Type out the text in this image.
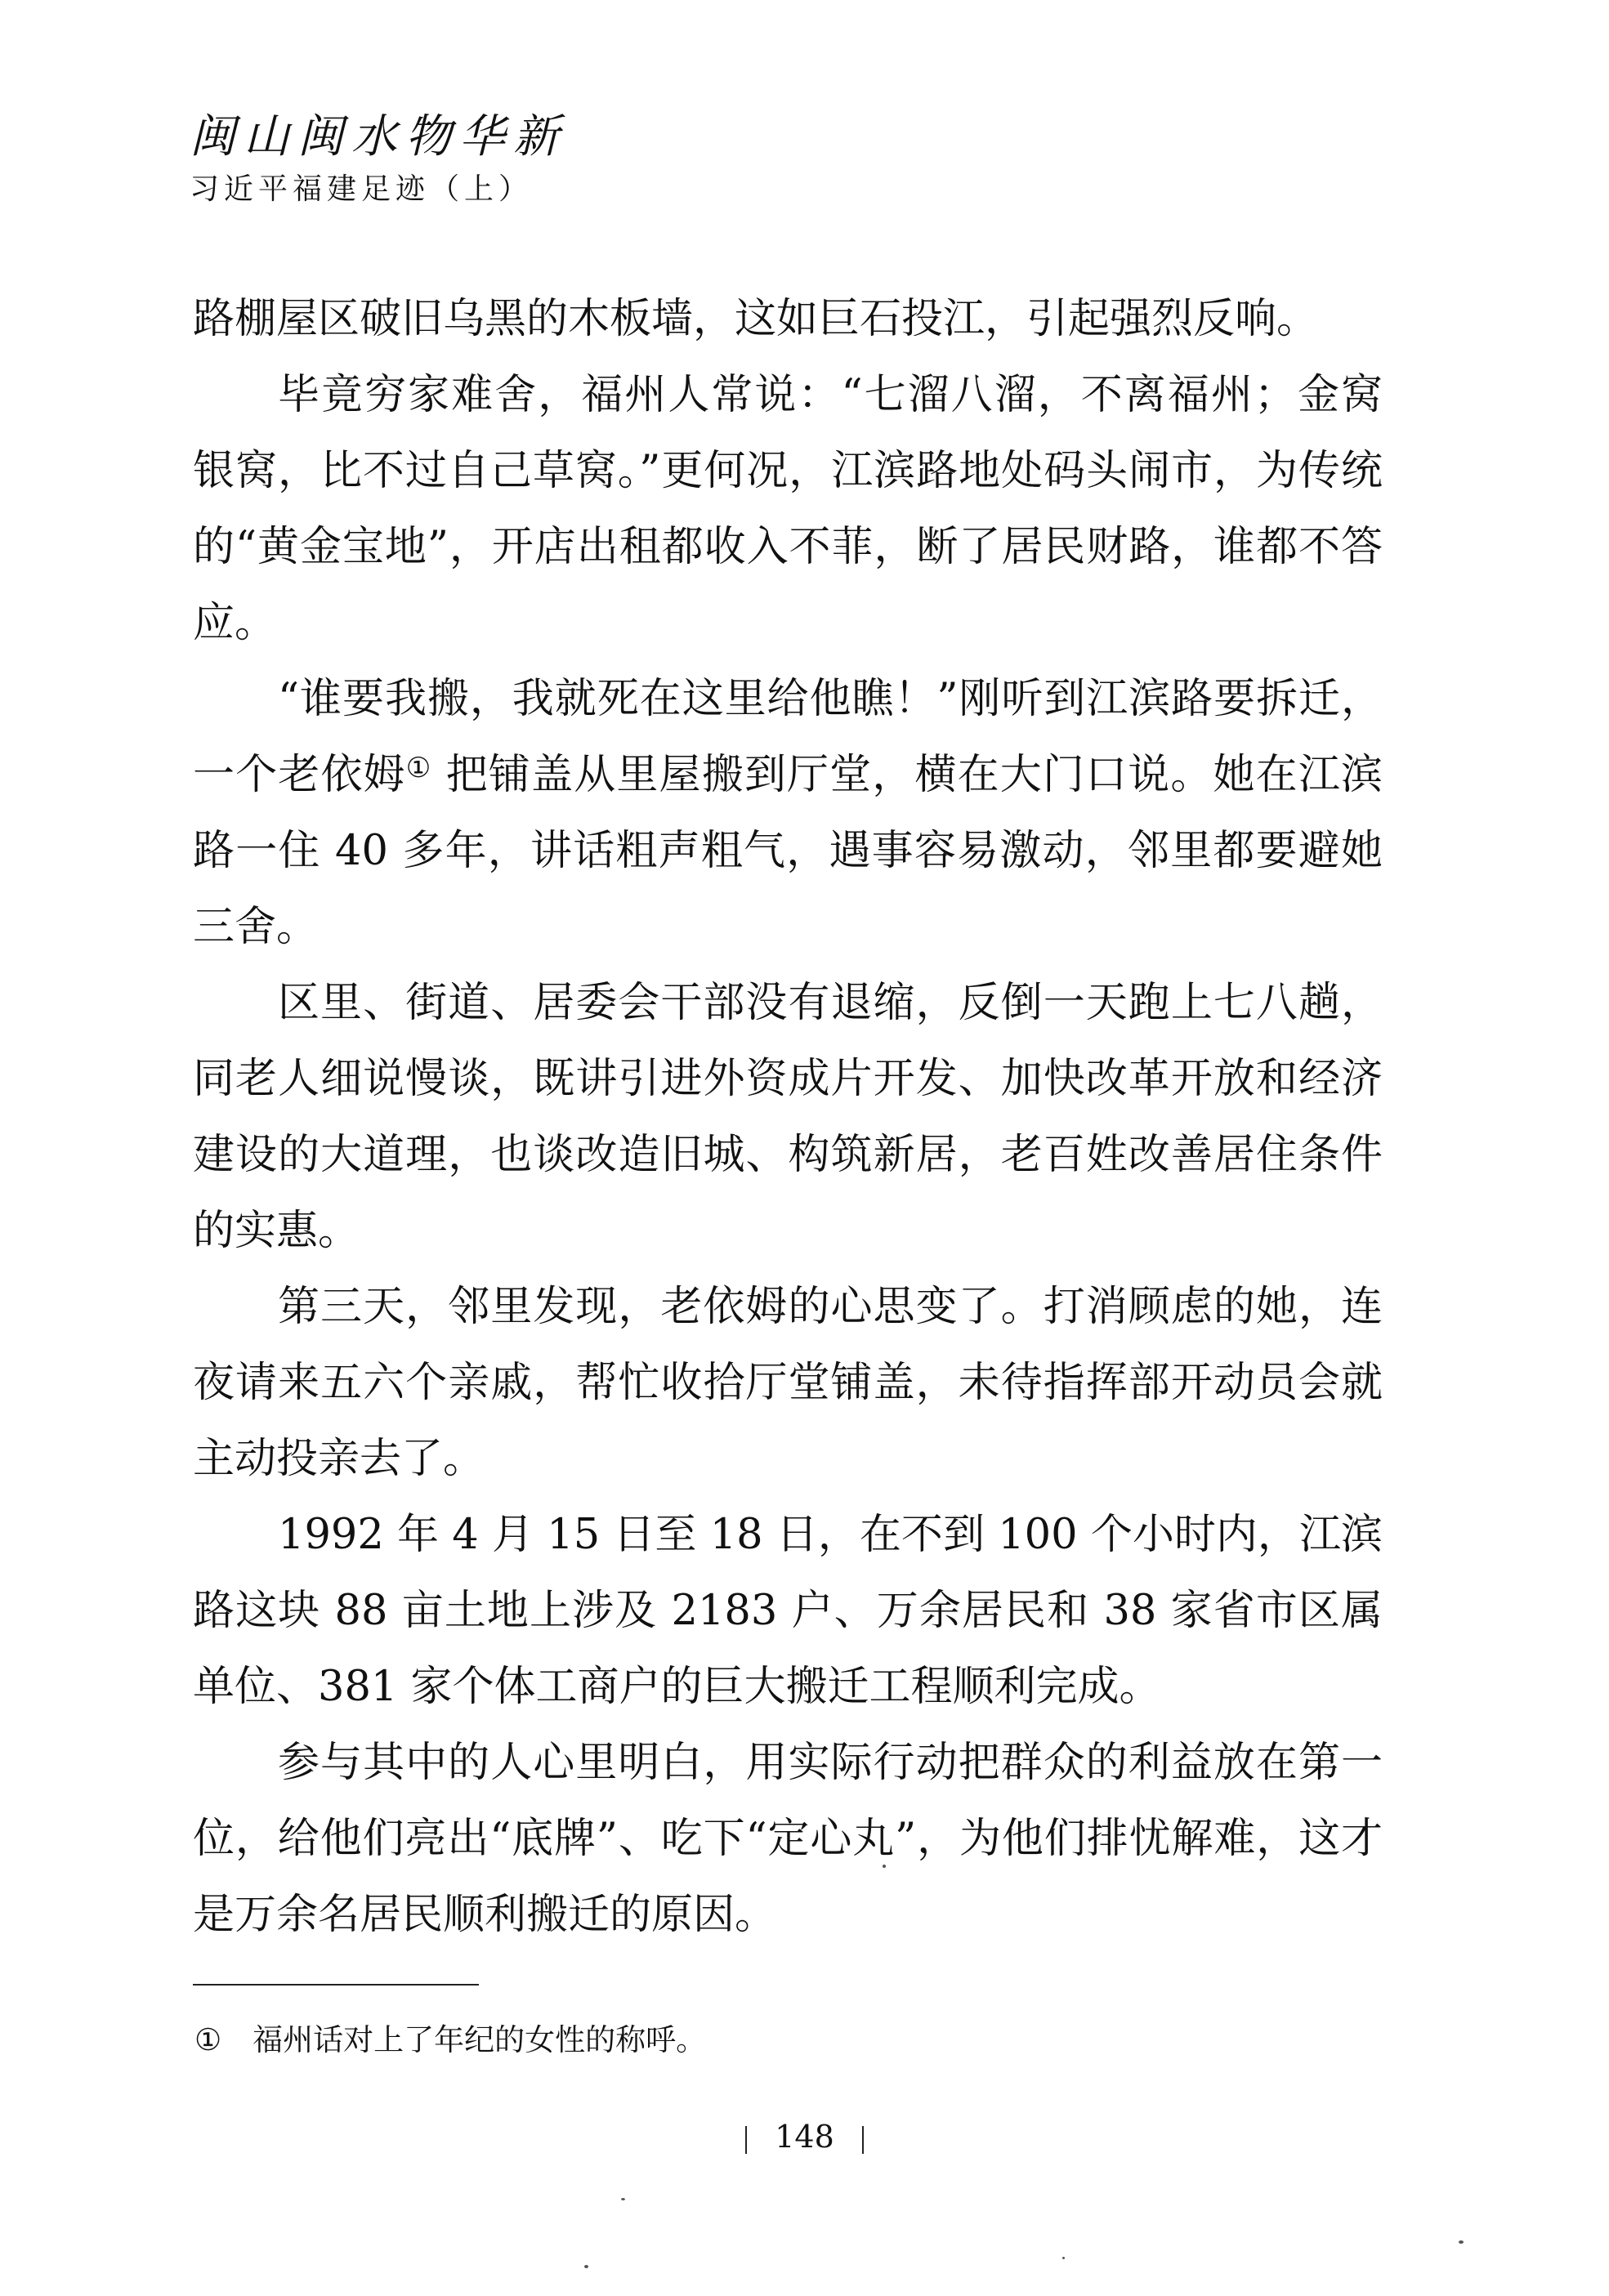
闽山闽水物华新
习近平福建足迹（上）

路棚屋区破旧乌黑的木板墙，这如巨石投江，引起强烈反响。

毕竟穷家难舍，福州人常说：“七溜八溜，不离福州；金窝银窝，比不过自己草窝。”更何况，江滨路地处码头闹市，为传统的“黄金宝地”，开店出租都收入不菲，断了居民财路，谁都不答应。

“谁要我搬，我就死在这里给他瞧！”刚听到江滨路要拆迁，一个老依姆① 把铺盖从里屋搬到厅堂，横在大门口说。她在江滨路一住 40 多年，讲话粗声粗气，遇事容易激动，邻里都要避她三舍。

区里、街道、居委会干部没有退缩，反倒一天跑上七八趟，同老人细说慢谈，既讲引进外资成片开发、加快改革开放和经济建设的大道理，也谈改造旧城、构筑新居，老百姓改善居住条件的实惠。

第三天，邻里发现，老依姆的心思变了。打消顾虑的她，连夜请来五六个亲戚，帮忙收拾厅堂铺盖，未待指挥部开动员会就主动投亲去了。

1992 年 4 月 15 日至 18 日，在不到 100 个小时内，江滨路这块 88 亩土地上涉及 2183 户、万余居民和 38 家省市区属单位、381 家个体工商户的巨大搬迁工程顺利完成。

参与其中的人心里明白，用实际行动把群众的利益放在第一位，给他们亮出“底牌”、吃下“定心丸”，为他们排忧解难，这才是万余名居民顺利搬迁的原因。

① 福州话对上了年纪的女性的称呼。
148
